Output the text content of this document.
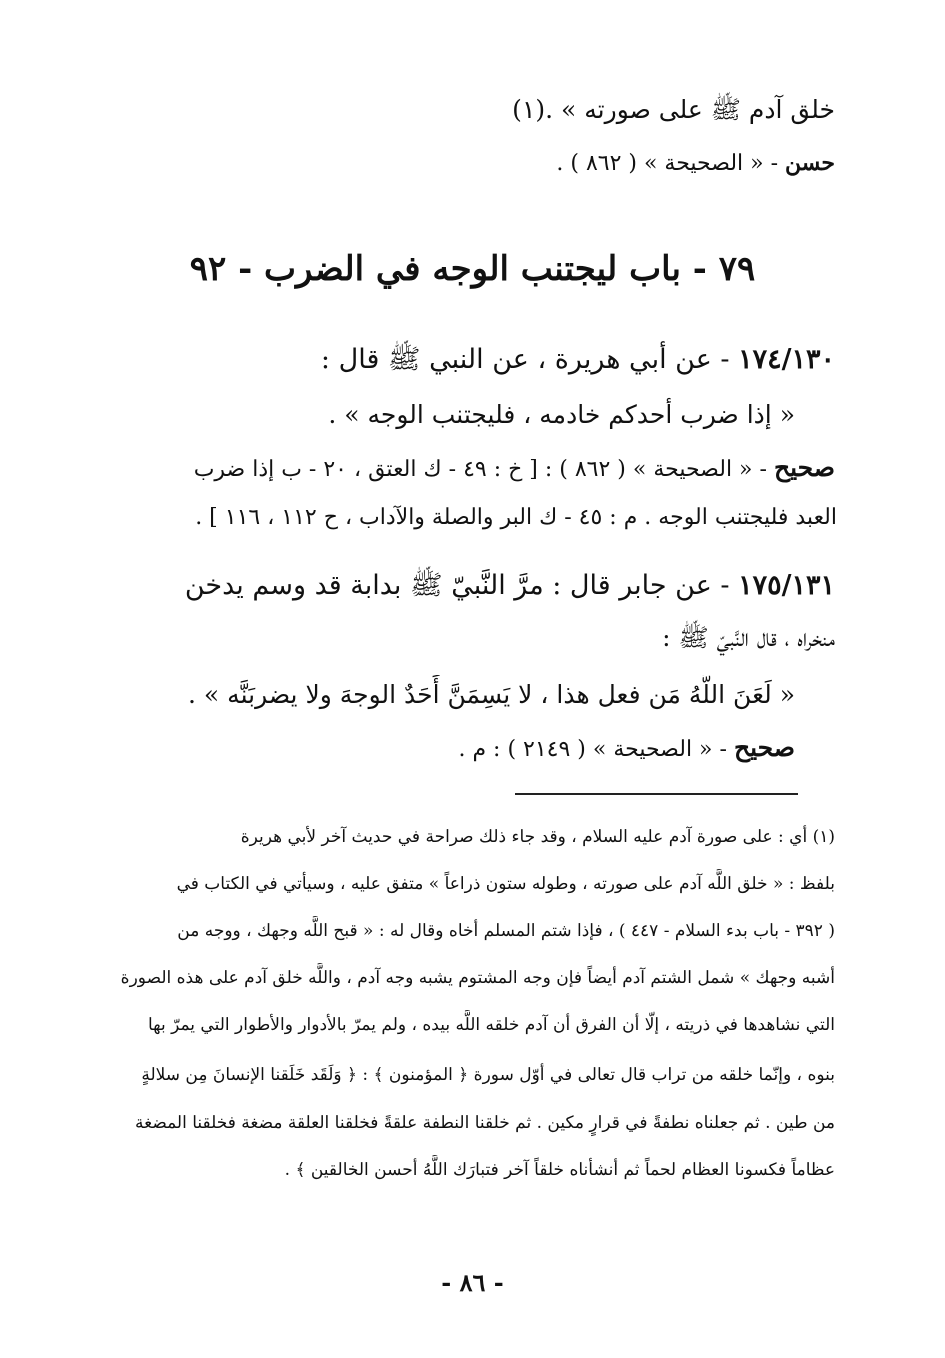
خلق آدم ﷺ على صورته » .(١)
حسن - « الصحيحة » ( ٨٦٢ ) .
٧٩ - باب ليجتنب الوجه في الضرب - ٩٢
١٧٤/١٣٠ - عن أبي هريرة ، عن النبي ﷺ قال :
« إذا ضرب أحدكم خادمه ، فليجتنب الوجه » .
صحيح - « الصحيحة » ( ٨٦٢ ) : [ خ : ٤٩ - ك العتق ، ٢٠ - ب إذا ضرب
العبد فليجتنب الوجه . م : ٤٥ - ك البر والصلة والآداب ، ح ١١٢ ، ١١٦ ] .
١٧٥/١٣١ - عن جابر قال : مرَّ النَّبيّ ﷺ بدابة قد وسم يدخن
منخراه ، قال النَّبيّ ﷺ :
« لَعَنَ اللَّهُ مَن فعل هذا ، لا يَسِمَنَّ أَحَدٌ الوجهَ ولا يضربَنَّه » .
صحيح - « الصحيحة » ( ٢١٤٩ ) : م .
(١) أي : على صورة آدم عليه السلام ، وقد جاء ذلك صراحة في حديث آخر لأبي هريرة
بلفظ : « خلق اللَّه آدم على صورته ، وطوله ستون ذراعاً » متفق عليه ، وسيأتي في الكتاب في
( ٣٩٢ - باب بدء السلام - ٤٤٧ ) ، فإذا شتم المسلم أخاه وقال له : « قبح اللَّه وجهك ، ووجه من
أشبه وجهك » شمل الشتم آدم أيضاً فإن وجه المشتوم يشبه وجه آدم ، واللَّه خلق آدم على هذه الصورة
التي نشاهدها في ذريته ، إلّا أن الفرق أن آدم خلقه اللَّه بيده ، ولم يمرّ بالأدوار والأطوار التي يمرّ بها
بنوه ، وإنّما خلقه من تراب قال تعالى في أوّل سورة ﴿ المؤمنون ﴾ : ﴿ وَلَقَد خَلَقنا الإنسانَ مِن سلالةٍ
من طين . ثم جعلناه نطفةً في قرارٍ مكين . ثم خلقنا النطفة علقةً فخلقنا العلقة مضغة فخلقنا المضغة
عظاماً فكسونا العظام لحماً ثم أنشأناه خلقاً آخر فتبارَك اللَّهُ أحسن الخالقين ﴾ .
- ٨٦ -
